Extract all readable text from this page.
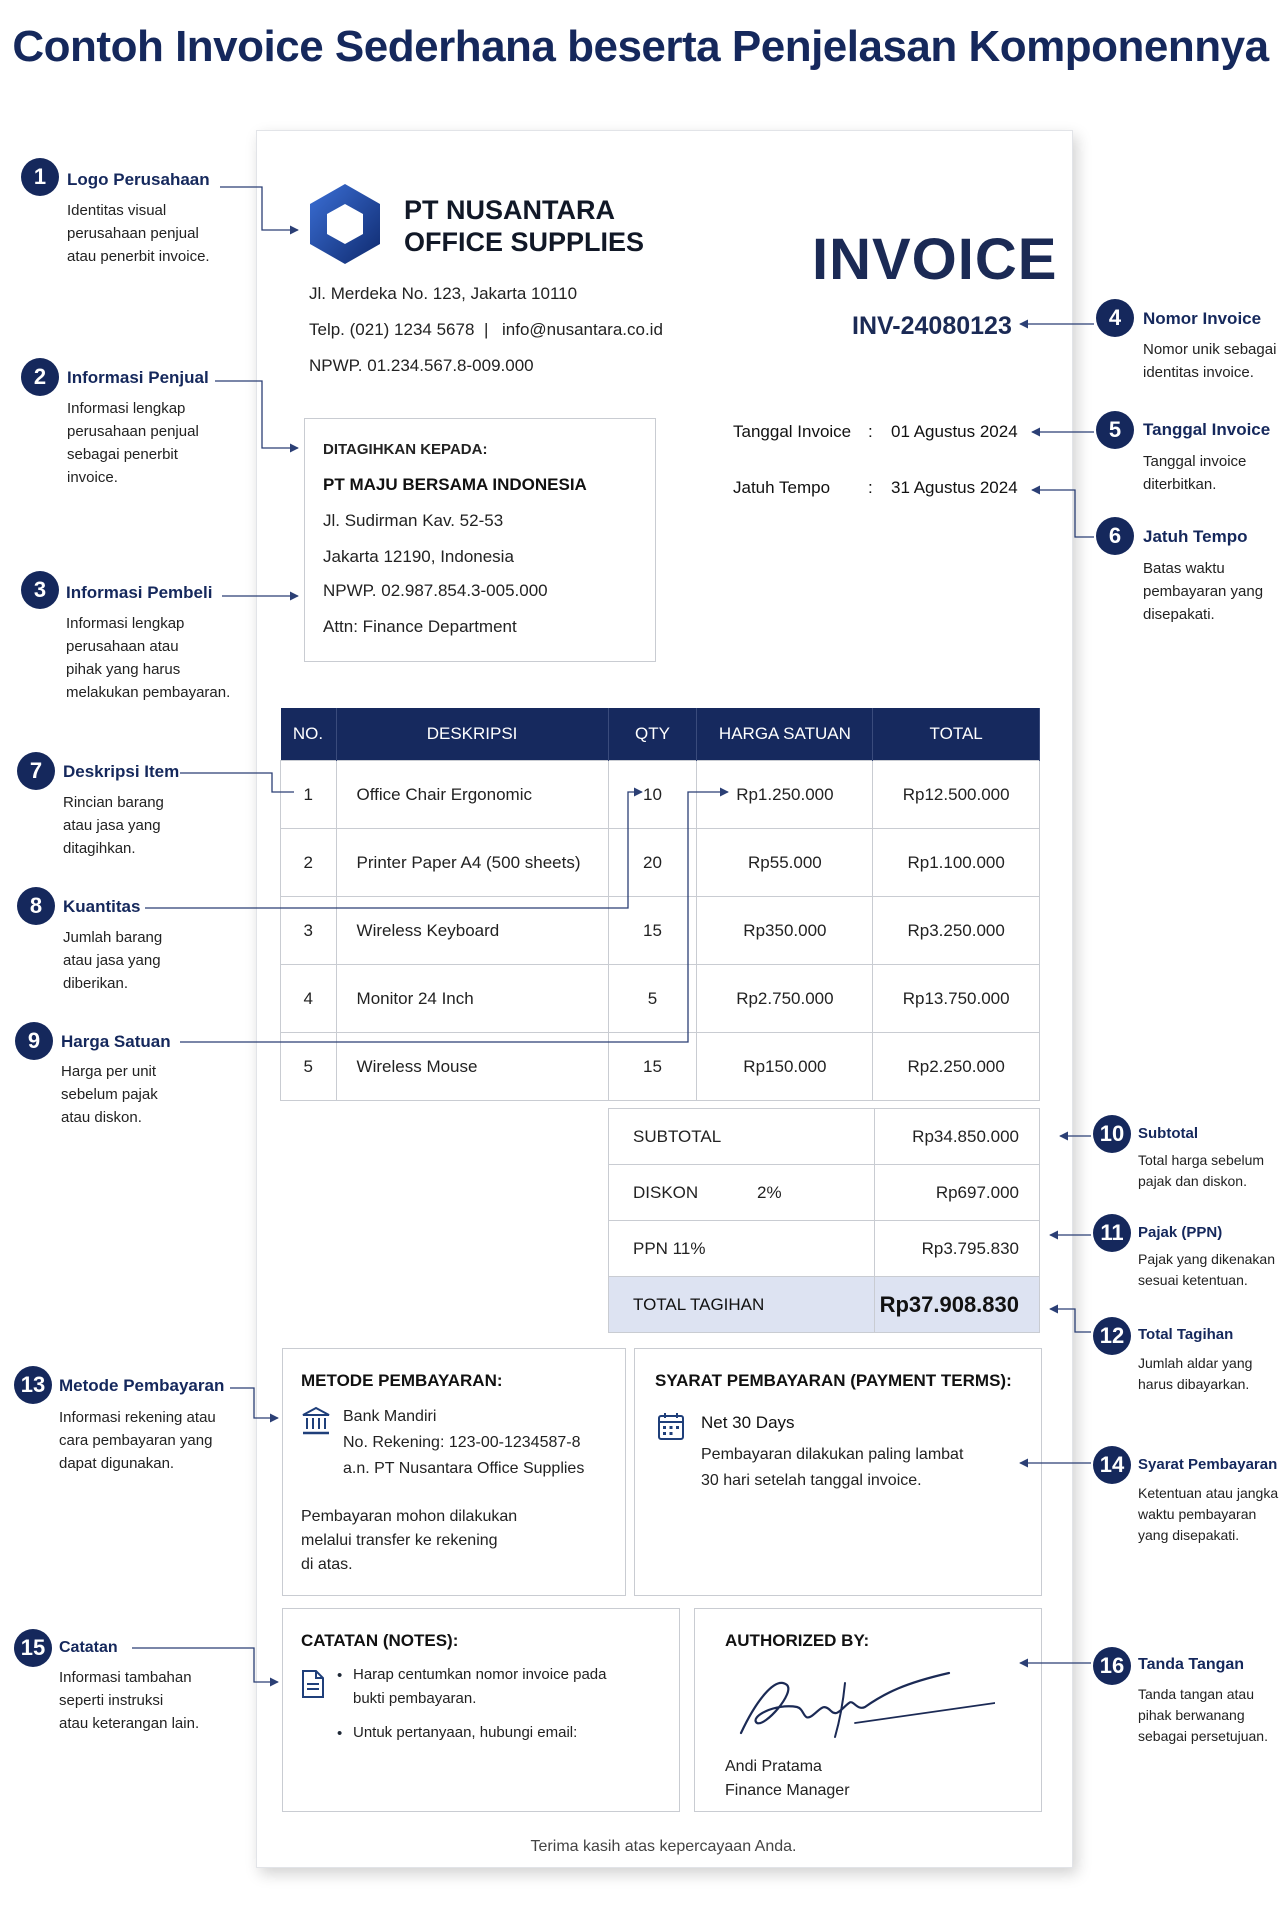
Contoh Invoice Sederhana beserta Penjelasan Komponennya
PT NUSANTARA
OFFICE SUPPLIES
Jl. Merdeka No. 123, Jakarta 10110
Telp. (021) 1234 5678 | info@nusantara.co.id
NPWP. 01.234.567.8-009.000
INVOICE
INV-24080123
Tanggal Invoice : 01 Agustus 2024
Jatuh Tempo : 31 Agustus 2024
DITAGIHKAN KEPADA:
PT MAJU BERSAMA INDONESIA
Jl. Sudirman Kav. 52-53
Jakarta 12190, Indonesia
NPWP. 02.987.854.3-005.000
Attn: Finance Department
NO.	DESKRIPSI	QTY	HARGA SATUAN	TOTAL
1	Office Chair Ergonomic	10	Rp1.250.000	Rp12.500.000
2	Printer Paper A4 (500 sheets)	20	Rp55.000	Rp1.100.000
3	Wireless Keyboard	15	Rp350.000	Rp3.250.000
4	Monitor 24 Inch	5	Rp2.750.000	Rp13.750.000
5	Wireless Mouse	15	Rp150.000	Rp2.250.000
SUBTOTAL	Rp34.850.000
DISKON 2%	Rp697.000
PPN 11%	Rp3.795.830
TOTAL TAGIHAN	Rp37.908.830
METODE PEMBAYARAN:
Bank Mandiri
No. Rekening: 123-00-1234587-8
a.n. PT Nusantara Office Supplies
Pembayaran mohon dilakukan
melalui transfer ke rekening
di atas.
SYARAT PEMBAYARAN (PAYMENT TERMS):
Net 30 Days
Pembayaran dilakukan paling lambat
30 hari setelah tanggal invoice.
CATATAN (NOTES):
• Harap centumkan nomor invoice pada
bukti pembayaran.
• Untuk pertanyaan, hubungi email:
AUTHORIZED BY:
Andi Pratama
Finance Manager
Terima kasih atas kepercayaan Anda.
1	Logo Perusahaan
Identitas visual
perusahaan penjual
atau penerbit invoice.
2	Informasi Penjual
Informasi lengkap
perusahaan penjual
sebagai penerbit
invoice.
3	Informasi Pembeli
Informasi lengkap
perusahaan atau
pihak yang harus
melakukan pembayaran.
4	Nomor Invoice
Nomor unik sebagai
identitas invoice.
5	Tanggal Invoice
Tanggal invoice
diterbitkan.
6	Jatuh Tempo
Batas waktu
pembayaran yang
disepakati.
7	Deskripsi Item
Rincian barang
atau jasa yang
ditagihkan.
8	Kuantitas
Jumlah barang
atau jasa yang
diberikan.
9	Harga Satuan
Harga per unit
sebelum pajak
atau diskon.
10 Subtotal
Total harga sebelum
pajak dan diskon.
11 Pajak (PPN)
Pajak yang dikenakan
sesuai ketentuan.
12 Total Tagihan
Jumlah aldar yang
harus dibayarkan.
13 Metode Pembayaran
Informasi rekening atau
cara pembayaran yang
dapat digunakan.	14 Syarat Pembayaran
Ketentuan atau jangka
waktu pembayaran
yang disepakati.
15 Catatan
Informasi tambahan
seperti instruksi
atau keterangan lain.
16 Tanda Tangan
Tanda tangan atau
pihak berwanang
sebagai persetujuan.
